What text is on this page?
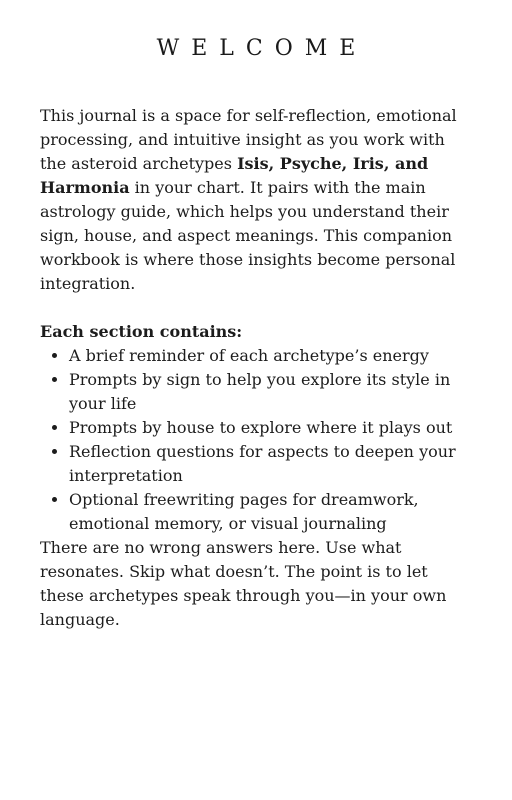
WELCOME

This journal is a space for self-reflection, emotional processing, and intuitive insight as you work with the asteroid archetypes Isis, Psyche, Iris, and Harmonia in your chart. It pairs with the main astrology guide, which helps you understand their sign, house, and aspect meanings. This companion workbook is where those insights become personal integration.

Each section contains:

• A brief reminder of each archetype’s energy
• Prompts by sign to help you explore its style in your life
• Prompts by house to explore where it plays out
• Reflection questions for aspects to deepen your interpretation
• Optional freewriting pages for dreamwork, emotional memory, or visual journaling

There are no wrong answers here. Use what resonates. Skip what doesn’t. The point is to let these archetypes speak through you—in your own language.
